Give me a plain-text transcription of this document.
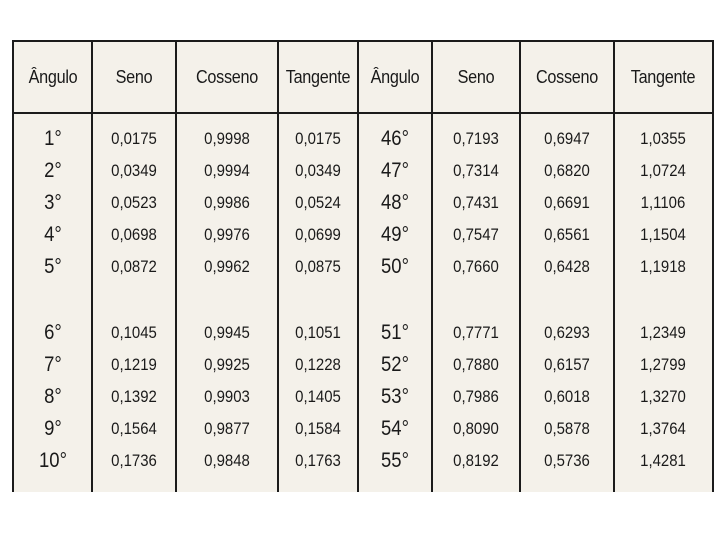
Ângulo	Seno	Cosseno	Tangente	Ângulo	Seno	Cosseno	Tangente
1°	0,0175	0,9998	0,0175	46°	0,7193	0,6947	1,0355
2°	0,0349	0,9994	0,0349	47°	0,7314	0,6820	1,0724
3°	0,0523	0,9986	0,0524	48°	0,7431	0,6691	1,1106
4°	0,0698	0,9976	0,0699	49°	0,7547	0,6561	1,1504
5°	0,0872	0,9962	0,0875	50°	0,7660	0,6428	1,1918
6°	0,1045	0,9945	0,1051	51°	0,7771	0,6293	1,2349
7°	0,1219	0,9925	0,1228	52°	0,7880	0,6157	1,2799
8°	0,1392	0,9903	0,1405	53°	0,7986	0,6018	1,3270
9°	0,1564	0,9877	0,1584	54°	0,8090	0,5878	1,3764
10°	0,1736	0,9848	0,1763	55°	0,8192	0,5736	1,4281
